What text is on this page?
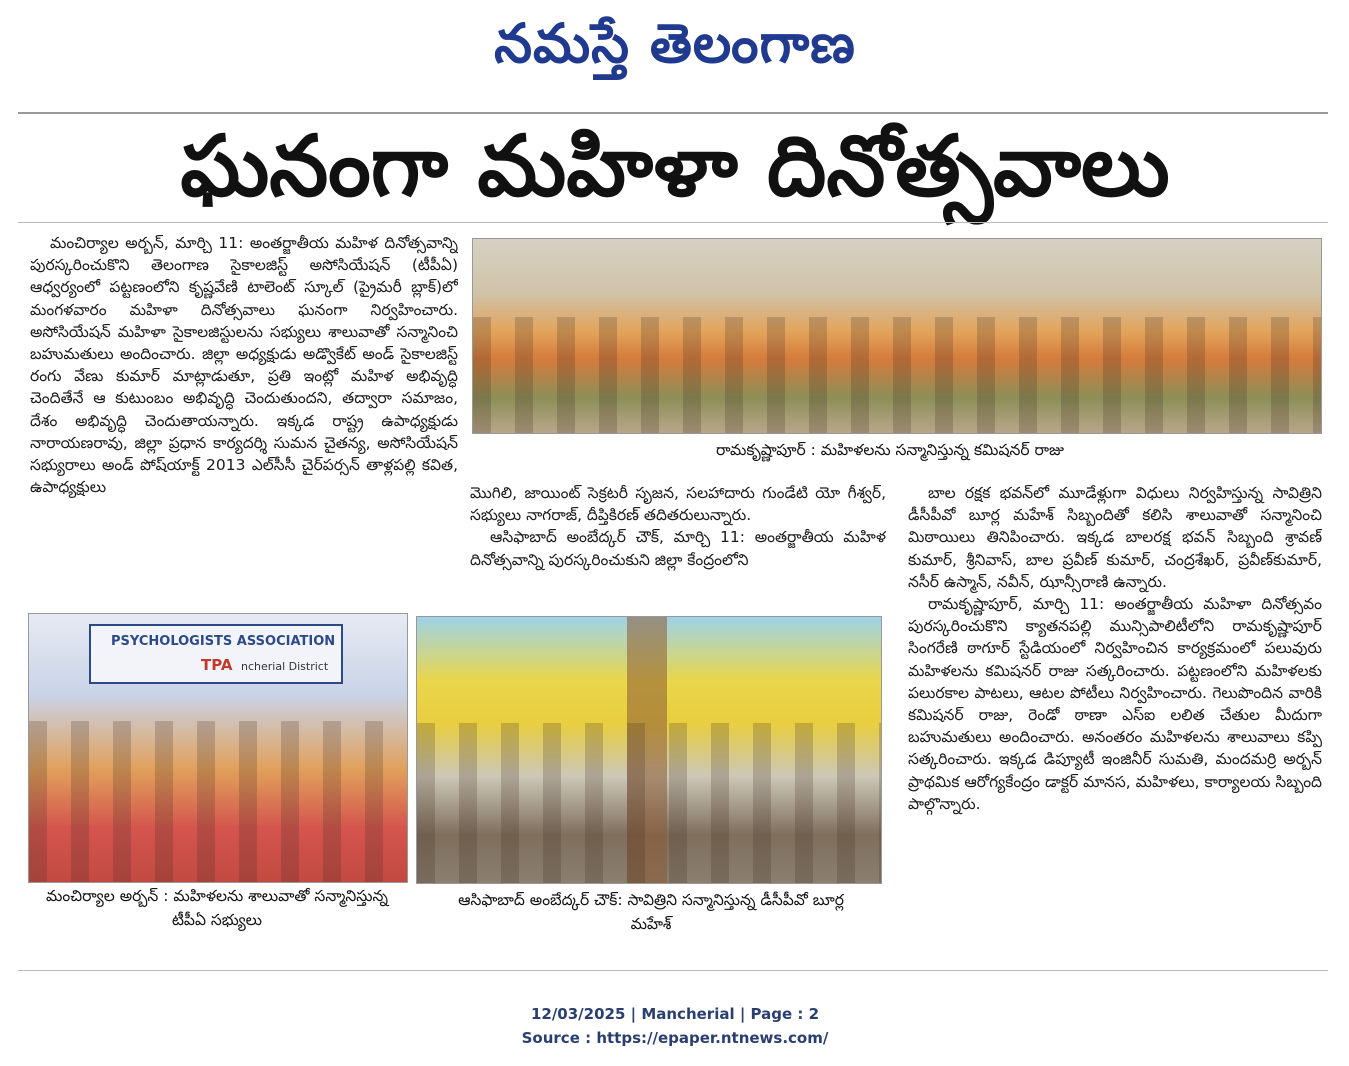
నమస్తే తెలంగాణ
ఘనంగా మహిళా దినోత్సవాలు

మంచిర్యాల అర్బన్, మార్చి 11: అంతర్జాతీయ మహిళ దినోత్సవాన్ని పురస్కరించుకొని తెలంగాణ సైకాలజిస్ట్ అసోసియేషన్ (టీపీఏ) ఆధ్వర్యంలో పట్టణంలోని కృష్ణవేణి టాలెంట్ స్కూల్ (ప్రైమరీ బ్లాక్)లో మంగళవారం మహిళా దినోత్సవాలు ఘనంగా నిర్వహించారు. అసోసియేషన్ మహిళా సైకాలజిస్టులను సభ్యులు శాలువాతో సన్మానించి బహుమతులు అందించారు. జిల్లా అధ్యక్షుడు అడ్వొకేట్ అండ్ సైకాలజిస్ట్ రంగు వేణు కుమార్ మాట్లాడుతూ, ప్రతి ఇంట్లో మహిళ అభివృద్ధి చెందితేనే ఆ కుటుంబం అభివృద్ధి చెందుతుందని, తద్వారా సమాజం, దేశం అభివృద్ధి చెందుతాయన్నారు. ఇక్కడ రాష్ట్ర ఉపాధ్యక్షుడు నారాయణరావు, జిల్లా ప్రధాన కార్యదర్శి సుమన చైతన్య, అసోసియేషన్ సభ్యురాలు అండ్ పోష్‌యాక్ట్ 2013 ఎల్‌సీసీ చైర్‌పర్సన్ తాళ్లపల్లి కవిత, ఉపాధ్యక్షులు

రామకృష్ణాపూర్ : మహిళలను సన్మానిస్తున్న కమిషనర్ రాజు

మొగిలి, జాయింట్ సెక్రటరీ సృజన, సలహాదారు గుండేటి యో గీశ్వర్, సభ్యులు నాగరాజ్, దీప్తికిరణ్ తదితరులున్నారు.

ఆసిఫాబాద్ అంబేద్కర్ చౌక్, మార్చి 11: అంతర్జాతీయ మహిళ దినోత్సవాన్ని పురస్కరించుకుని జిల్లా కేంద్రంలోని

బాల రక్షక భవన్‌లో మూడేళ్లుగా విధులు నిర్వహిస్తున్న సావిత్రిని డీసీపీవో బూర్ల మహేశ్ సిబ్బందితో కలిసి శాలువాతో సన్మానించి మిఠాయిలు తినిపించారు. ఇక్కడ బాలరక్ష భవన్ సిబ్బంది శ్రావణ్ కుమార్, శ్రీనివాస్, బాల ప్రవీణ్ కుమార్, చంద్రశేఖర్, ప్రవీణ్‌కుమార్, నసీర్ ఉస్మాన్, నవీన్, ఝాన్సీరాణి ఉన్నారు.

రామకృష్ణాపూర్, మార్చి 11: అంతర్జాతీయ మహిళా దినోత్సవం పురస్కరించుకొని క్యాతనపల్లి మున్సిపాలిటీలోని రామకృష్ణాపూర్ సింగరేణి ఠాగూర్ స్టేడియంలో నిర్వహించిన కార్యక్రమంలో పలువురు మహిళలను కమిషనర్ రాజు సత్కరించారు. పట్టణంలోని మహిళలకు పలురకాల పాటలు, ఆటల పోటీలు నిర్వహించారు. గెలుపొందిన వారికి కమిషనర్ రాజు, రెండో ఠాణా ఎస్‌ఐ లలిత చేతుల మీదుగా బహుమతులు అందించారు. అనంతరం మహిళలను శాలువాలు కప్పి సత్కరించారు. ఇక్కడ డిప్యూటీ ఇంజినీర్ సుమతి, మందమర్రి అర్బన్ ప్రాథమిక ఆరోగ్యకేంద్రం డాక్టర్ మానస, మహిళలు, కార్యాలయ సిబ్బంది పాల్గొన్నారు.

PSYCHOLOGISTS ASSOCIATION
TPA ncherial District
మంచిర్యాల అర్బన్ : మహిళలను శాలువాతో సన్మానిస్తున్న టీపీఏ సభ్యులు
ఆసిఫాబాద్ అంబేద్కర్ చౌక్: సావిత్రిని సన్మానిస్తున్న డీసీపీవో బూర్ల మహేశ్
12/03/2025 | Mancherial | Page : 2
Source : https://epaper.ntnews.com/
